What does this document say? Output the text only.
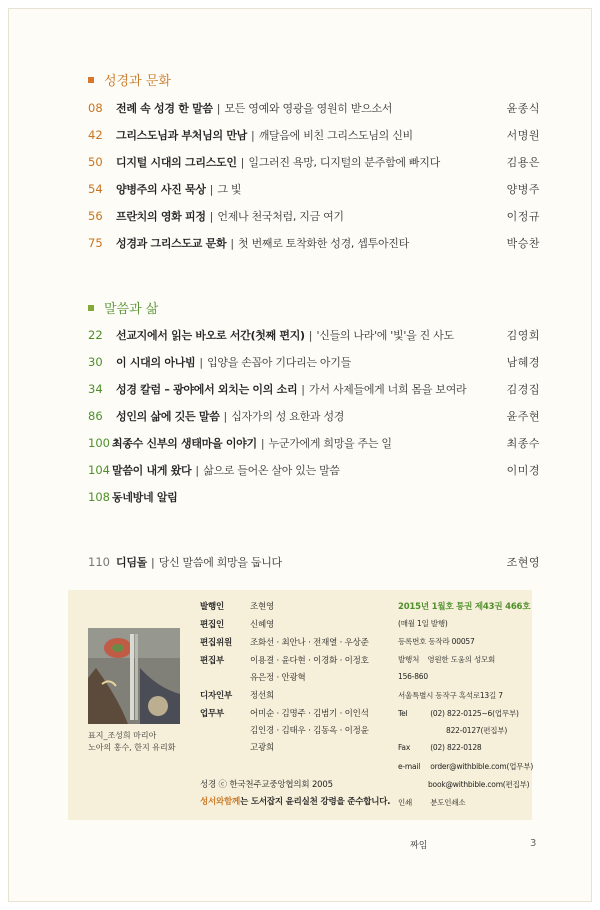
성경과 문화
08	전례 속 성경 한 말씀 | 모든 영예와 영광을 영원히 받으소서	윤종식
42	그리스도님과 부처님의 만남 | 깨달음에 비친 그리스도님의 신비	서명원
50	디지털 시대의 그리스도인 | 일그러진 욕망, 디지털의 분주함에 빠지다	김용은
54	양병주의 사진 묵상 | 그 빛	양병주
56	프란치의 영화 피정 | 언제나 천국처럼, 지금 여기	이정규
75	성경과 그리스도교 문화 | 첫 번째로 토착화한 성경, 셉투아진타	박승찬
말씀과 삶
22	선교지에서 읽는 바오로 서간(첫째 편지) | '신들의 나라'에 '빛'을 진 사도	김영희
30	이 시대의 아나빔 | 입양을 손꼽아 기다리는 아기들	남혜경
34	성경 칼럼 – 광야에서 외치는 이의 소리 | 가서 사제들에게 너희 몸을 보여라	김경집
86	성인의 삶에 깃든 말씀 | 십자가의 성 요한과 성경	윤주현
100 최종수 신부의 생태마을 이야기 | 누군가에게 희망을 주는 일	최종수
104 말씀이 내게 왔다 | 삶으로 들어온 살아 있는 말씀	이미경
108 동네방네 알림
110 디딤돌 | 당신 말씀에 희망을 둡니다	조현영
표지_조성희 마리아
노아의 홍수, 한지 유리화
발행인	조현영
편집인	신혜영
편집위원 조화선 · 최안나 · 전재열 · 우상준
편집부	이용결 · 윤다현 · 이경화 · 이정호
유은정 · 안광혁
디자인부 정선희
업무부	어미순 · 김명주 · 김범기 · 이인석
김인경 · 김태우 · 김동옥 · 이정윤
고광희
성경 ⓒ 한국천주교중앙협의회 2005
성서와함께는 도서잡지 윤리실천 강령을 준수합니다.
2015년 1월호 통권 제43권 466호
(매월 1일 발행)
등록번호 동작라 00057
발행처 영원한 도움의 성모회
156-860
서울특별시 동작구 흑석로13길 7
Tel	(02) 822-0125~6(업무부)
822-0127(편집부)
Fax	(02) 822-0128
e-mail order@withbible.com(업무부)
book@withbible.com(편집부)
인쇄 분도인쇄소
짜임	3
